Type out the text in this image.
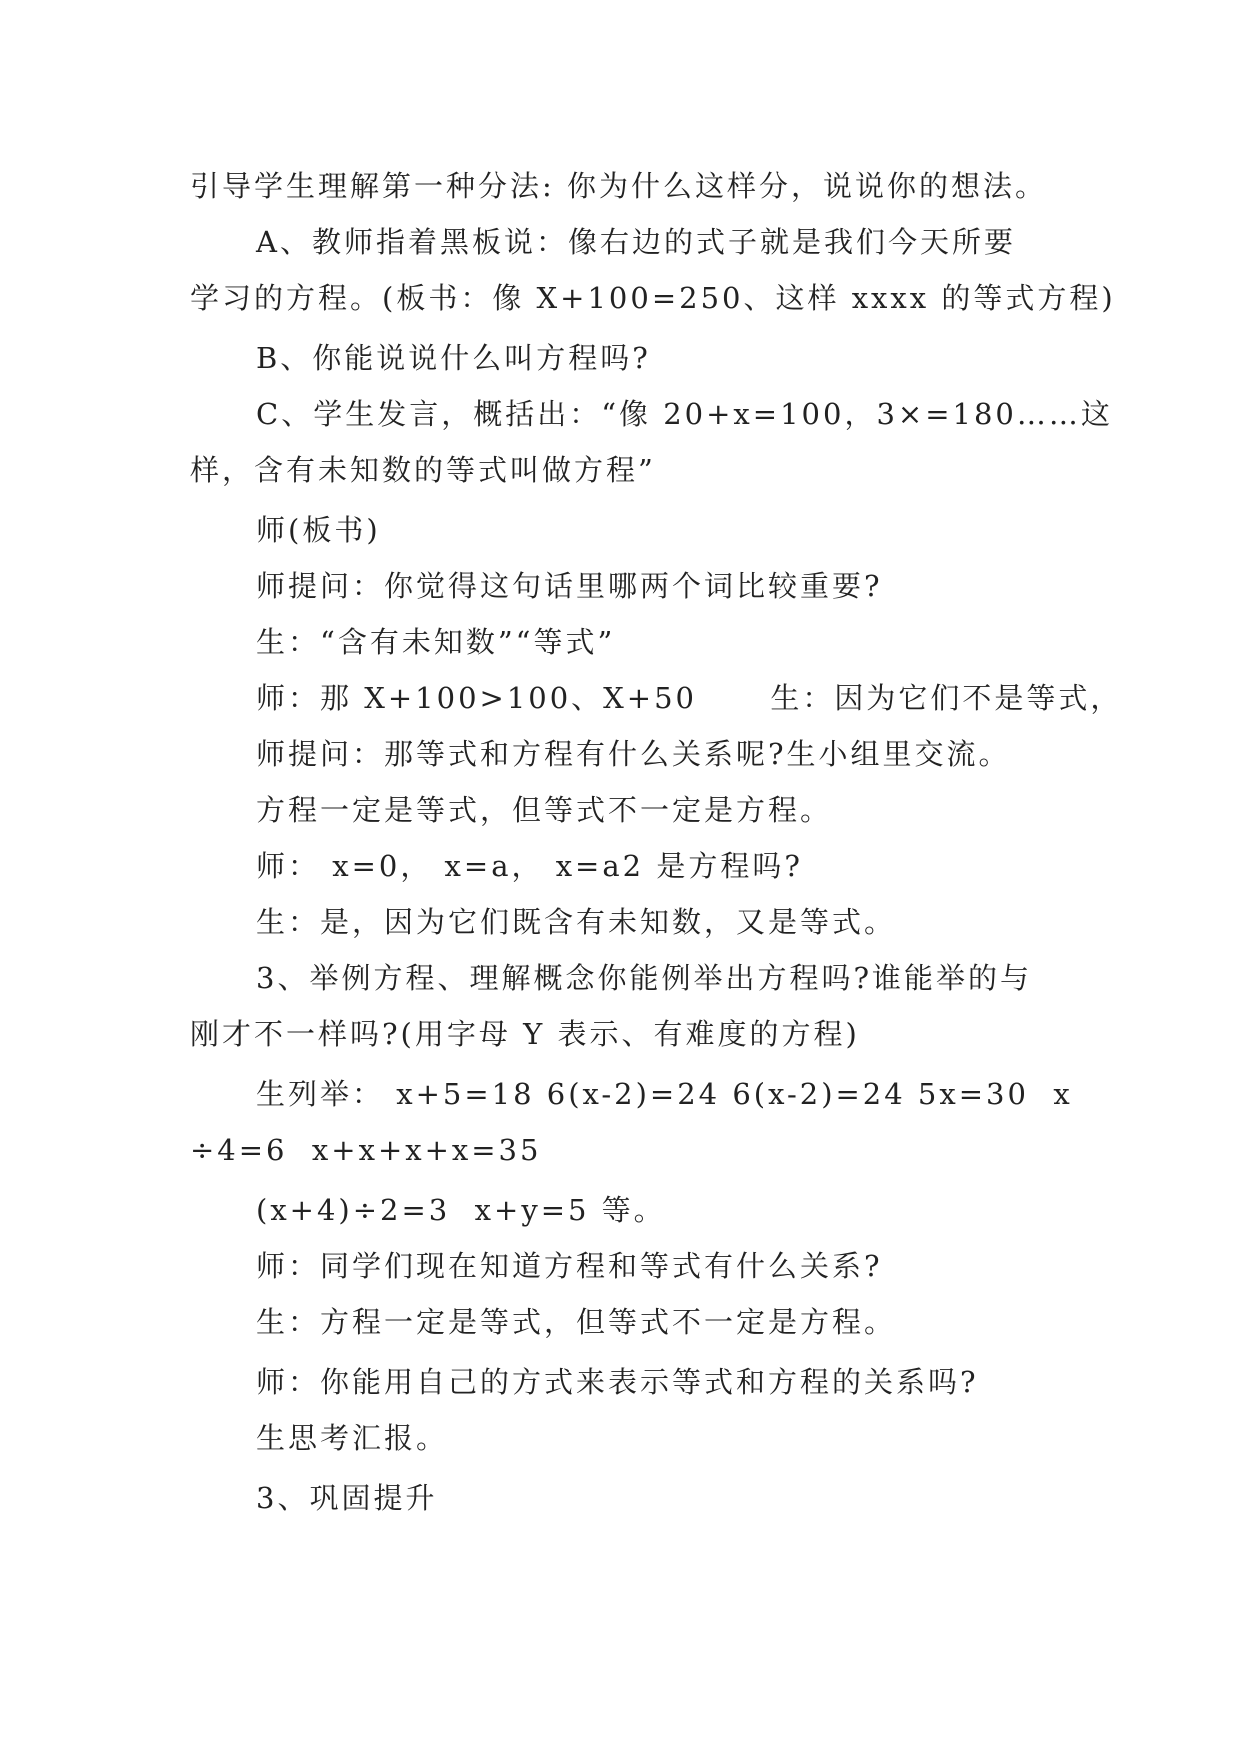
引导学生理解第一种分法: 你为什么这样分，说说你的想法。
A、教师指着黑板说：像右边的式子就是我们今天所要
学习的方程。(板书：像 X+100=250、这样 xxxx 的等式方程)
B、你能说说什么叫方程吗?
C、学生发言，概括出：“像 20+x=100，3×=180……这
样，含有未知数的等式叫做方程”
师(板书)
师提问：你觉得这句话里哪两个词比较重要?
生：“含有未知数”“等式”
师：那 X+100>100、X+50      生：因为它们不是等式，
师提问：那等式和方程有什么关系呢?生小组里交流。
方程一定是等式，但等式不一定是方程。
师： x=0， x=a， x=a2 是方程吗?
生：是，因为它们既含有未知数，又是等式。
3、举例方程、理解概念你能例举出方程吗?谁能举的与
刚才不一样吗?(用字母 Y 表示、有难度的方程)
生列举： x+5=18 6(x-2)=24 6(x-2)=24 5x=30  x
÷4=6  x+x+x+x=35
(x+4)÷2=3  x+y=5 等。
师：同学们现在知道方程和等式有什么关系?
生：方程一定是等式，但等式不一定是方程。
师：你能用自己的方式来表示等式和方程的关系吗?
生思考汇报。
3、巩固提升
